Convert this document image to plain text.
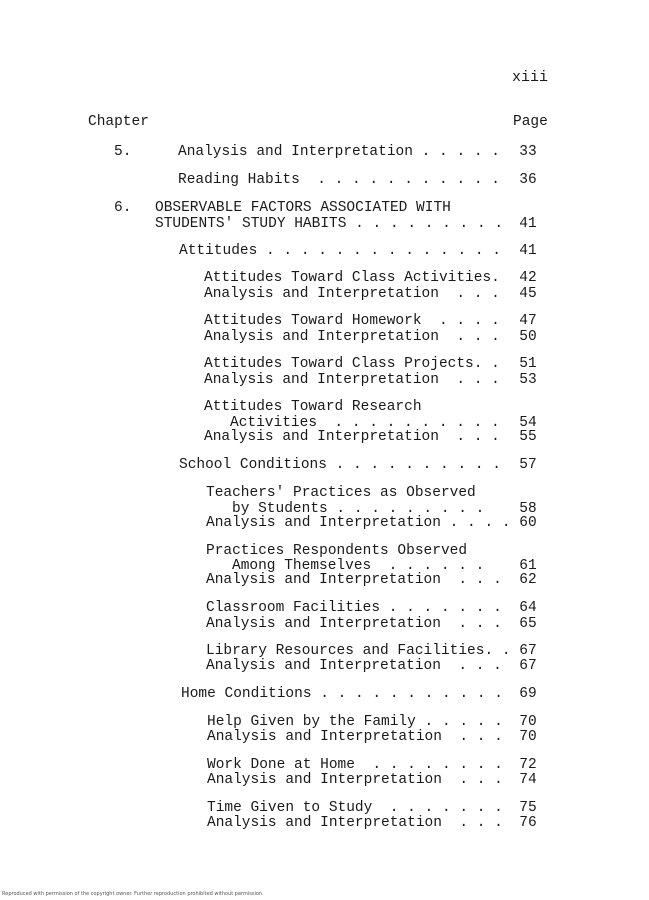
xiii
Chapter	Page
5.	Analysis and Interpretation . . . . .	33
Reading Habits  . . . . . . . . . . .	36
6. OBSERVABLE FACTORS ASSOCIATED WITH
STUDENTS' STUDY HABITS . . . . . . . . .	41
Attitudes . . . . . . . . . . . . . .	41
Attitudes Toward Class Activities.	42
Analysis and Interpretation  . . .	45
Attitudes Toward Homework  . . . .	47
Analysis and Interpretation  . . .	50
Attitudes Toward Class Projects. .	51
Analysis and Interpretation  . . .	53
Attitudes Toward Research
Activities  . . . . . . . . . .	54
Analysis and Interpretation  . . .	55
School Conditions . . . . . . . . . .	57
Teachers' Practices as Observed
by Students . . . . . . . . .	58
Analysis and Interpretation . . . . 60
Practices Respondents Observed
Among Themselves  . . . . . .	61
Analysis and Interpretation  . . .	62
Classroom Facilities . . . . . . .	64
Analysis and Interpretation  . . .	65
Library Resources and Facilities. . 67
Analysis and Interpretation  . . .	67
Home Conditions . . . . . . . . . . .	69
Help Given by the Family . . . . .	70
Analysis and Interpretation  . . .	70
Work Done at Home  . . . . . . . .	72
Analysis and Interpretation  . . .	74
Time Given to Study  . . . . . . .	75
Analysis and Interpretation  . . .	76
Reproduced with permission of the copyright owner. Further reproduction prohibited without permission.
